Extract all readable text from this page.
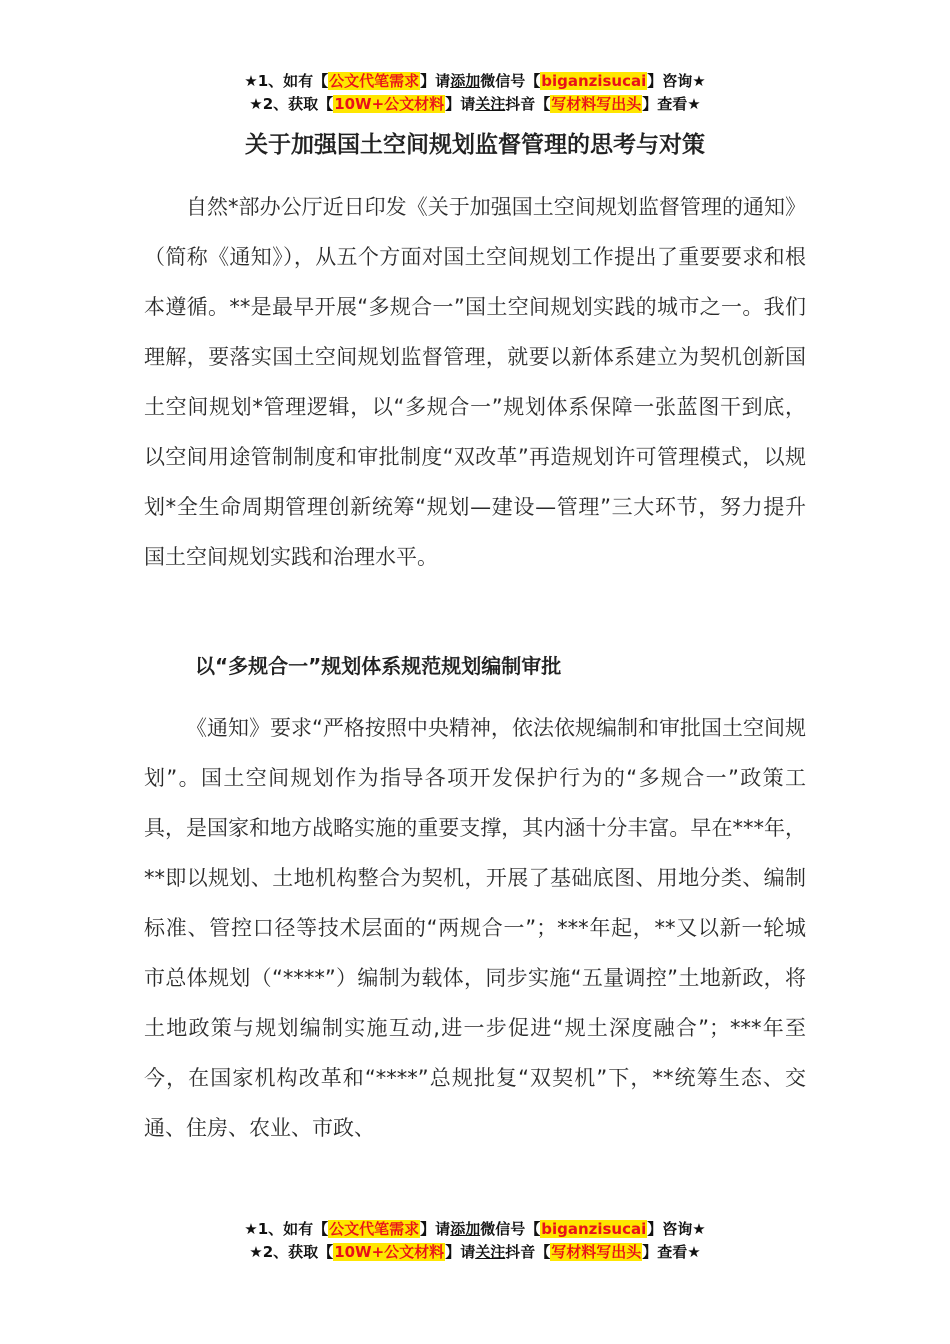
★1、如有【公文代笔需求】请添加微信号【biganzisucai】咨询★
★2、获取【10W+公文材料】请关注抖音【写材料写出头】查看★
关于加强国土空间规划监督管理的思考与对策

自然*部办公厅近日印发《关于加强国土空间规划监督管理的通知》（简称《通知》），从五个方面对国土空间规划工作提出了重要要求和根本遵循。**是最早开展“多规合一”国土空间规划实践的城市之一。我们理解，要落实国土空间规划监督管理，就要以新体系建立为契机创新国土空间规划*管理逻辑，以“多规合一”规划体系保障一张蓝图干到底，以空间用途管制制度和审批制度“双改革”再造规划许可管理模式，以规划*全生命周期管理创新统筹“规划—建设—管理”三大环节，努力提升国土空间规划实践和治理水平。

以“多规合一”规划体系规范规划编制审批

《通知》要求“严格按照中央精神，依法依规编制和审批国土空间规划”。国土空间规划作为指导各项开发保护行为的“多规合一”政策工具，是国家和地方战略实施的重要支撑，其内涵十分丰富。早在***年，**即以规划、土地机构整合为契机，开展了基础底图、用地分类、编制标准、管控口径等技术层面的“两规合一”；***年起，**又以新一轮城市总体规划（“****”）编制为载体，同步实施“五量调控”土地新政，将土地政策与规划编制实施互动,进一步促进“规土深度融合”；***年至今，在国家机构改革和“****”总规批复“双契机”下，**统筹生态、交通、住房、农业、市政、

★1、如有【公文代笔需求】请添加微信号【biganzisucai】咨询★
★2、获取【10W+公文材料】请关注抖音【写材料写出头】查看★
